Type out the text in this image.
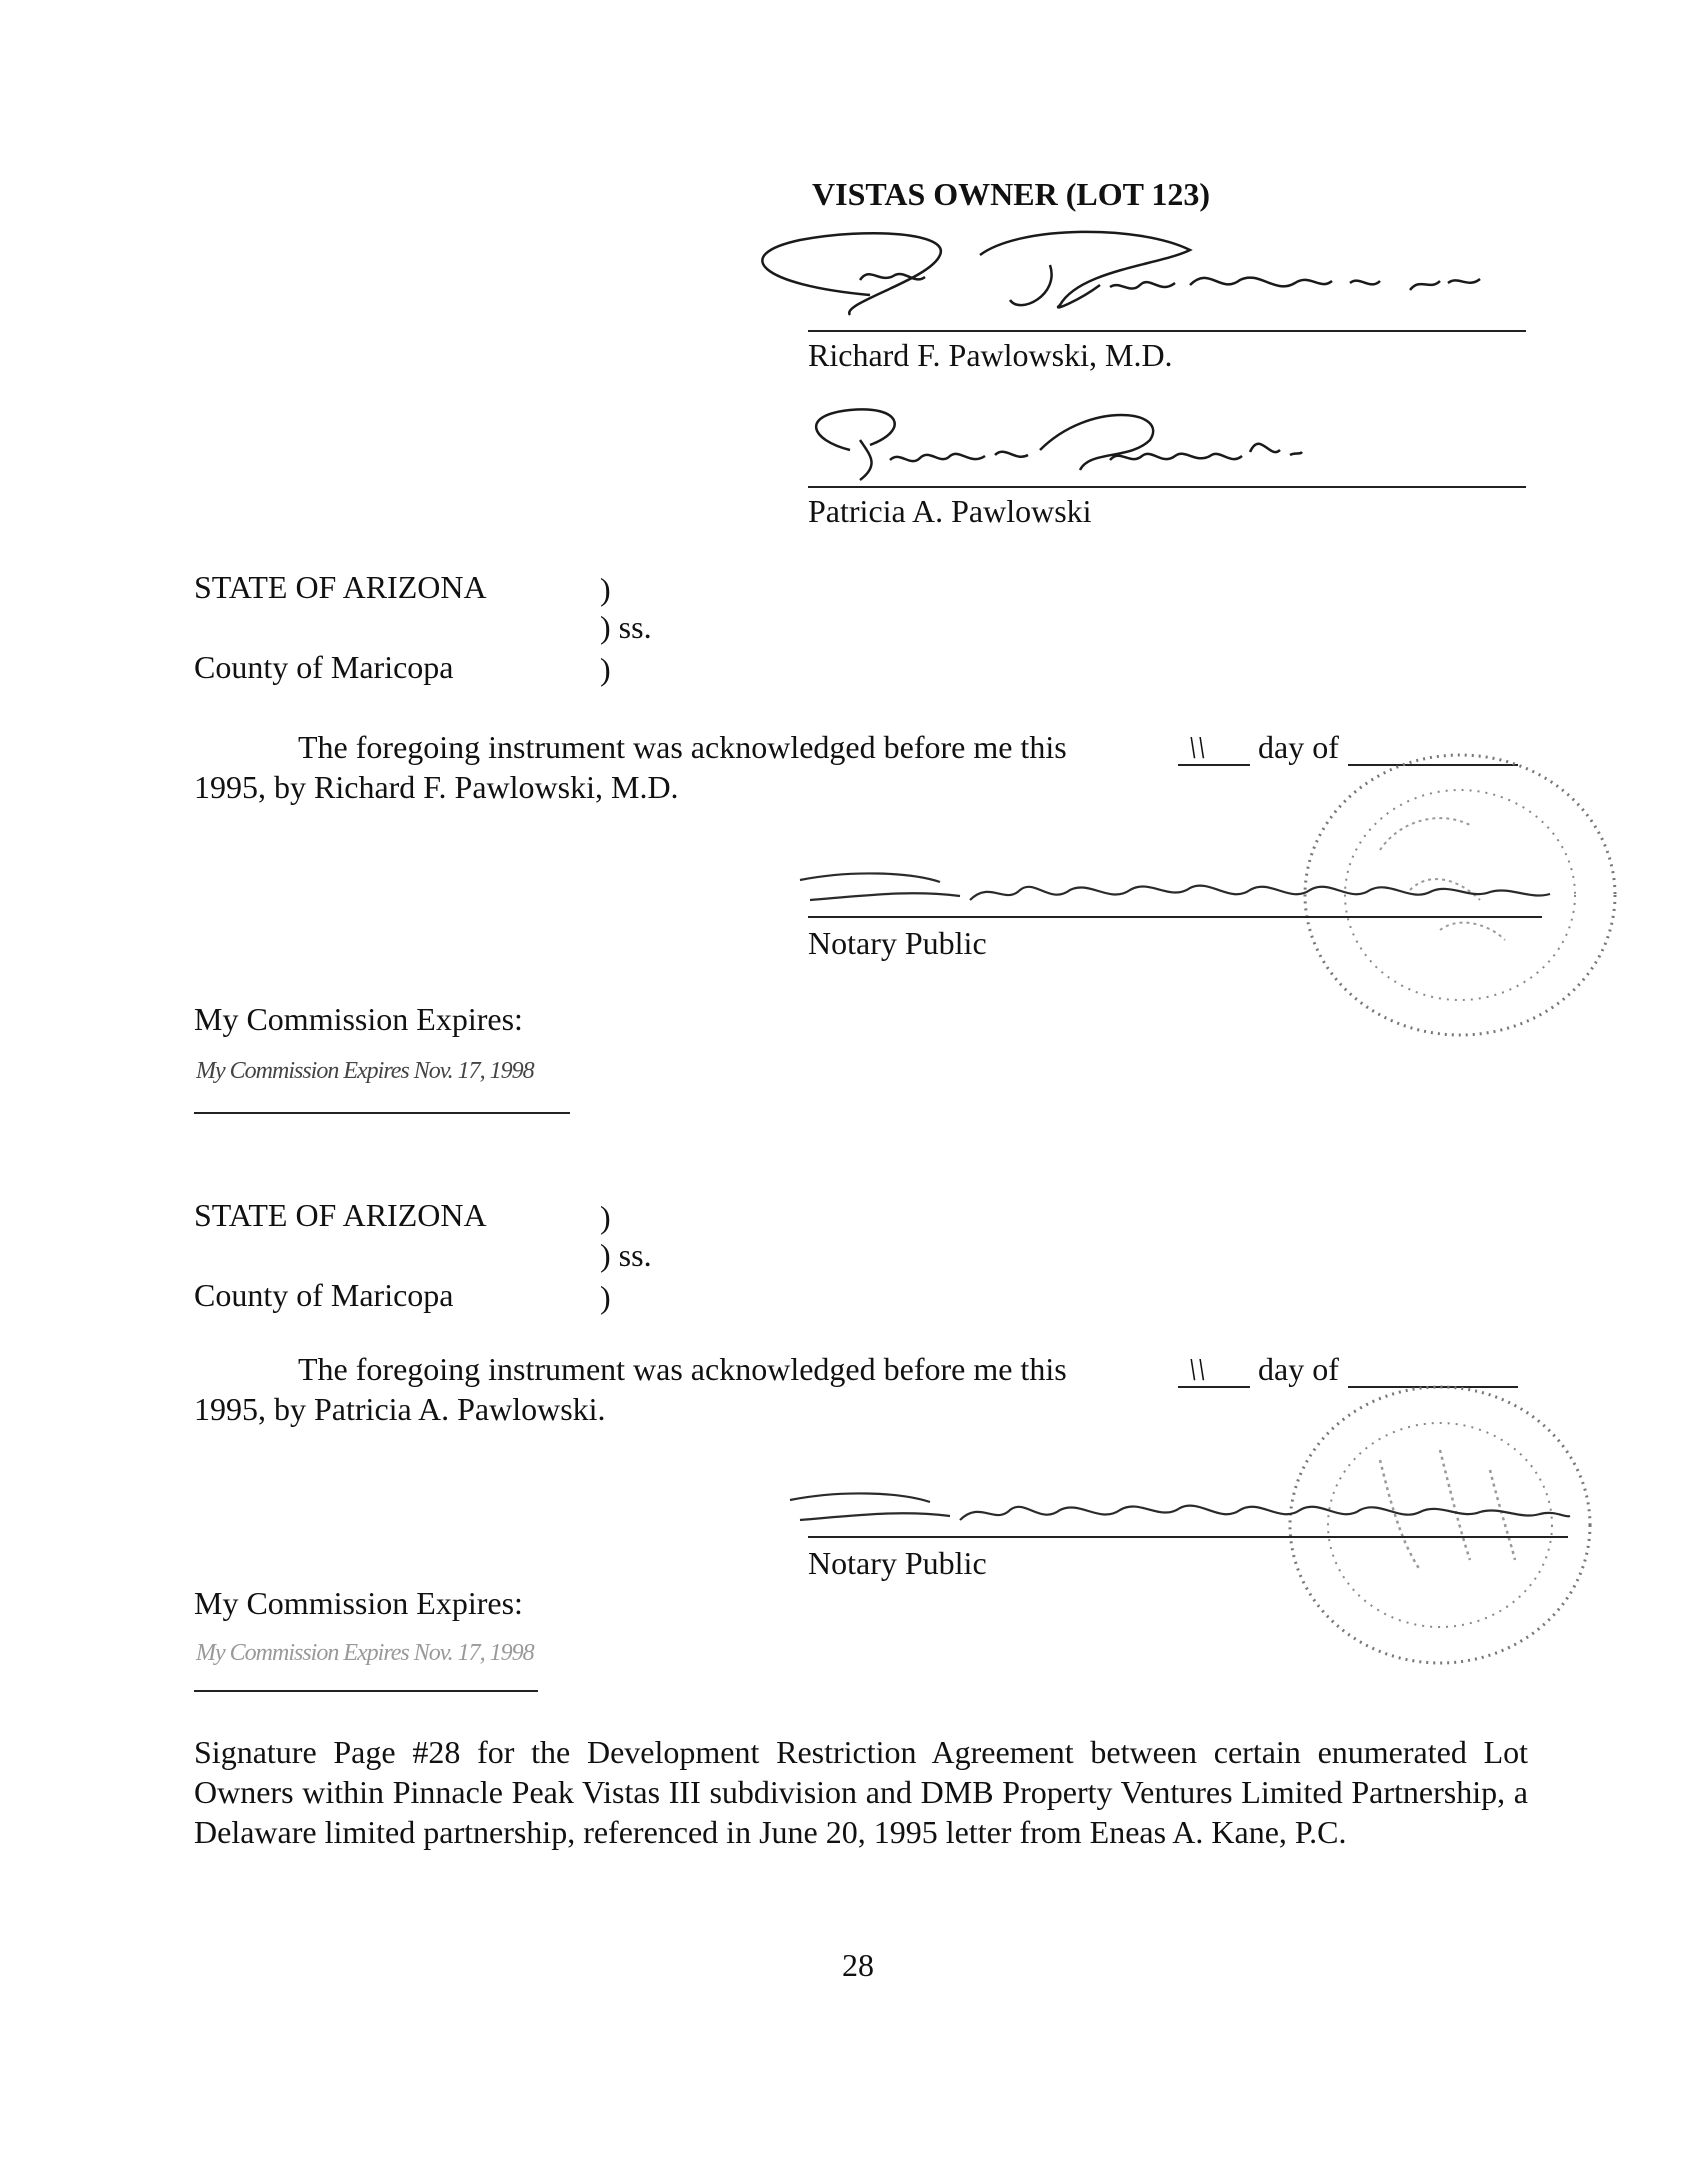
VISTAS OWNER (LOT 123)
Richard F. Pawlowski, M.D.
Patricia A. Pawlowski
STATE OF ARIZONA	)
) ss.
County of Maricopa	)
The foregoing instrument was acknowledged before me this	\\ day of
1995, by Richard F. Pawlowski, M.D.
Notary Public
My Commission Expires:
My Commission Expires Nov. 17, 1998
STATE OF ARIZONA	)
) ss.
County of Maricopa	)
The foregoing instrument was acknowledged before me this	\\ day of
1995, by Patricia A. Pawlowski.
Notary Public
My Commission Expires:
My Commission Expires Nov. 17, 1998
Signature Page #28 for the Development Restriction Agreement between certain enumerated Lot Owners within Pinnacle Peak Vistas III subdivision and DMB Property Ventures Limited Partnership, a Delaware limited partnership, referenced in June 20, 1995 letter from Eneas A. Kane, P.C.
28
